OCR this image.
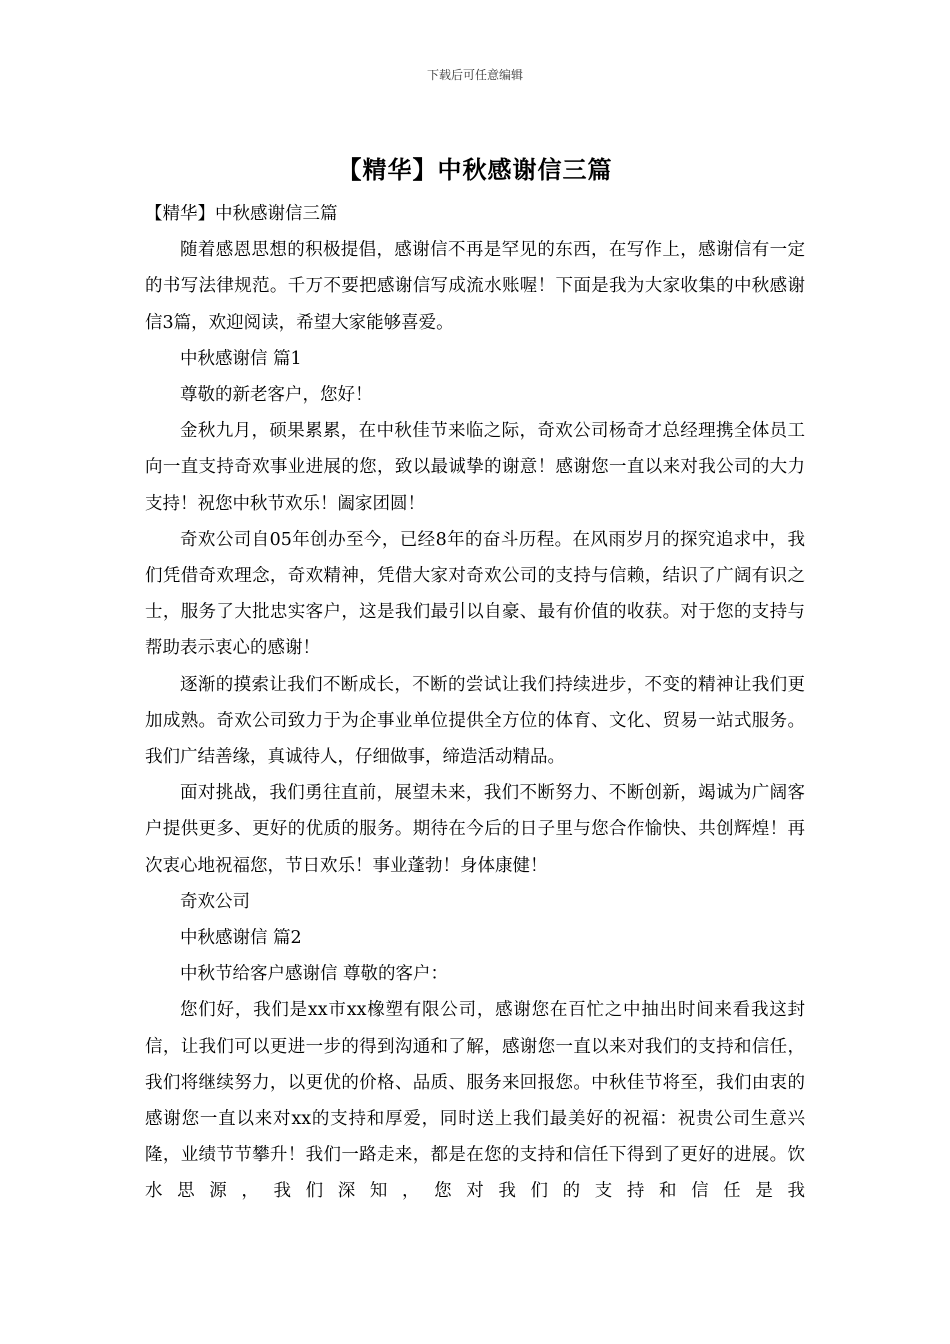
下载后可任意编辑
【精华】中秋感谢信三篇

【精华】中秋感谢信三篇

随着感恩思想的积极提倡，感谢信不再是罕见的东西，在写作上，感谢信有一定的书写法律规范。千万不要把感谢信写成流水账喔！下面是我为大家收集的中秋感谢信3篇，欢迎阅读，希望大家能够喜爱。

中秋感谢信 篇1

尊敬的新老客户，您好！

金秋九月，硕果累累，在中秋佳节来临之际，奇欢公司杨奇才总经理携全体员工向一直支持奇欢事业进展的您，致以最诚挚的谢意！感谢您一直以来对我公司的大力支持！祝您中秋节欢乐！阖家团圆！

奇欢公司自05年创办至今，已经8年的奋斗历程。在风雨岁月的探究追求中，我们凭借奇欢理念，奇欢精神，凭借大家对奇欢公司的支持与信赖，结识了广阔有识之士，服务了大批忠实客户，这是我们最引以自豪、最有价值的收获。对于您的支持与帮助表示衷心的感谢！

逐渐的摸索让我们不断成长，不断的尝试让我们持续进步，不变的精神让我们更加成熟。奇欢公司致力于为企事业单位提供全方位的体育、文化、贸易一站式服务。我们广结善缘，真诚待人，仔细做事，缔造活动精品。

面对挑战，我们勇往直前，展望未来，我们不断努力、不断创新，竭诚为广阔客户提供更多、更好的优质的服务。期待在今后的日子里与您合作愉快、共创辉煌！再次衷心地祝福您，节日欢乐！事业蓬勃！身体康健！

奇欢公司

中秋感谢信 篇2

中秋节给客户感谢信 尊敬的客户：

您们好，我们是xx市xx橡塑有限公司，感谢您在百忙之中抽出时间来看我这封信，让我们可以更进一步的得到沟通和了解，感谢您一直以来对我们的支持和信任，我们将继续努力，以更优的价格、品质、服务来回报您。中秋佳节将至，我们由衷的感谢您一直以来对xx的支持和厚爱，同时送上我们最美好的祝福：祝贵公司生意兴隆，业绩节节攀升！我们一路走来，都是在您的支持和信任下得到了更好的进展。饮水思源，我们深知，您对我们的支持和信任是我
